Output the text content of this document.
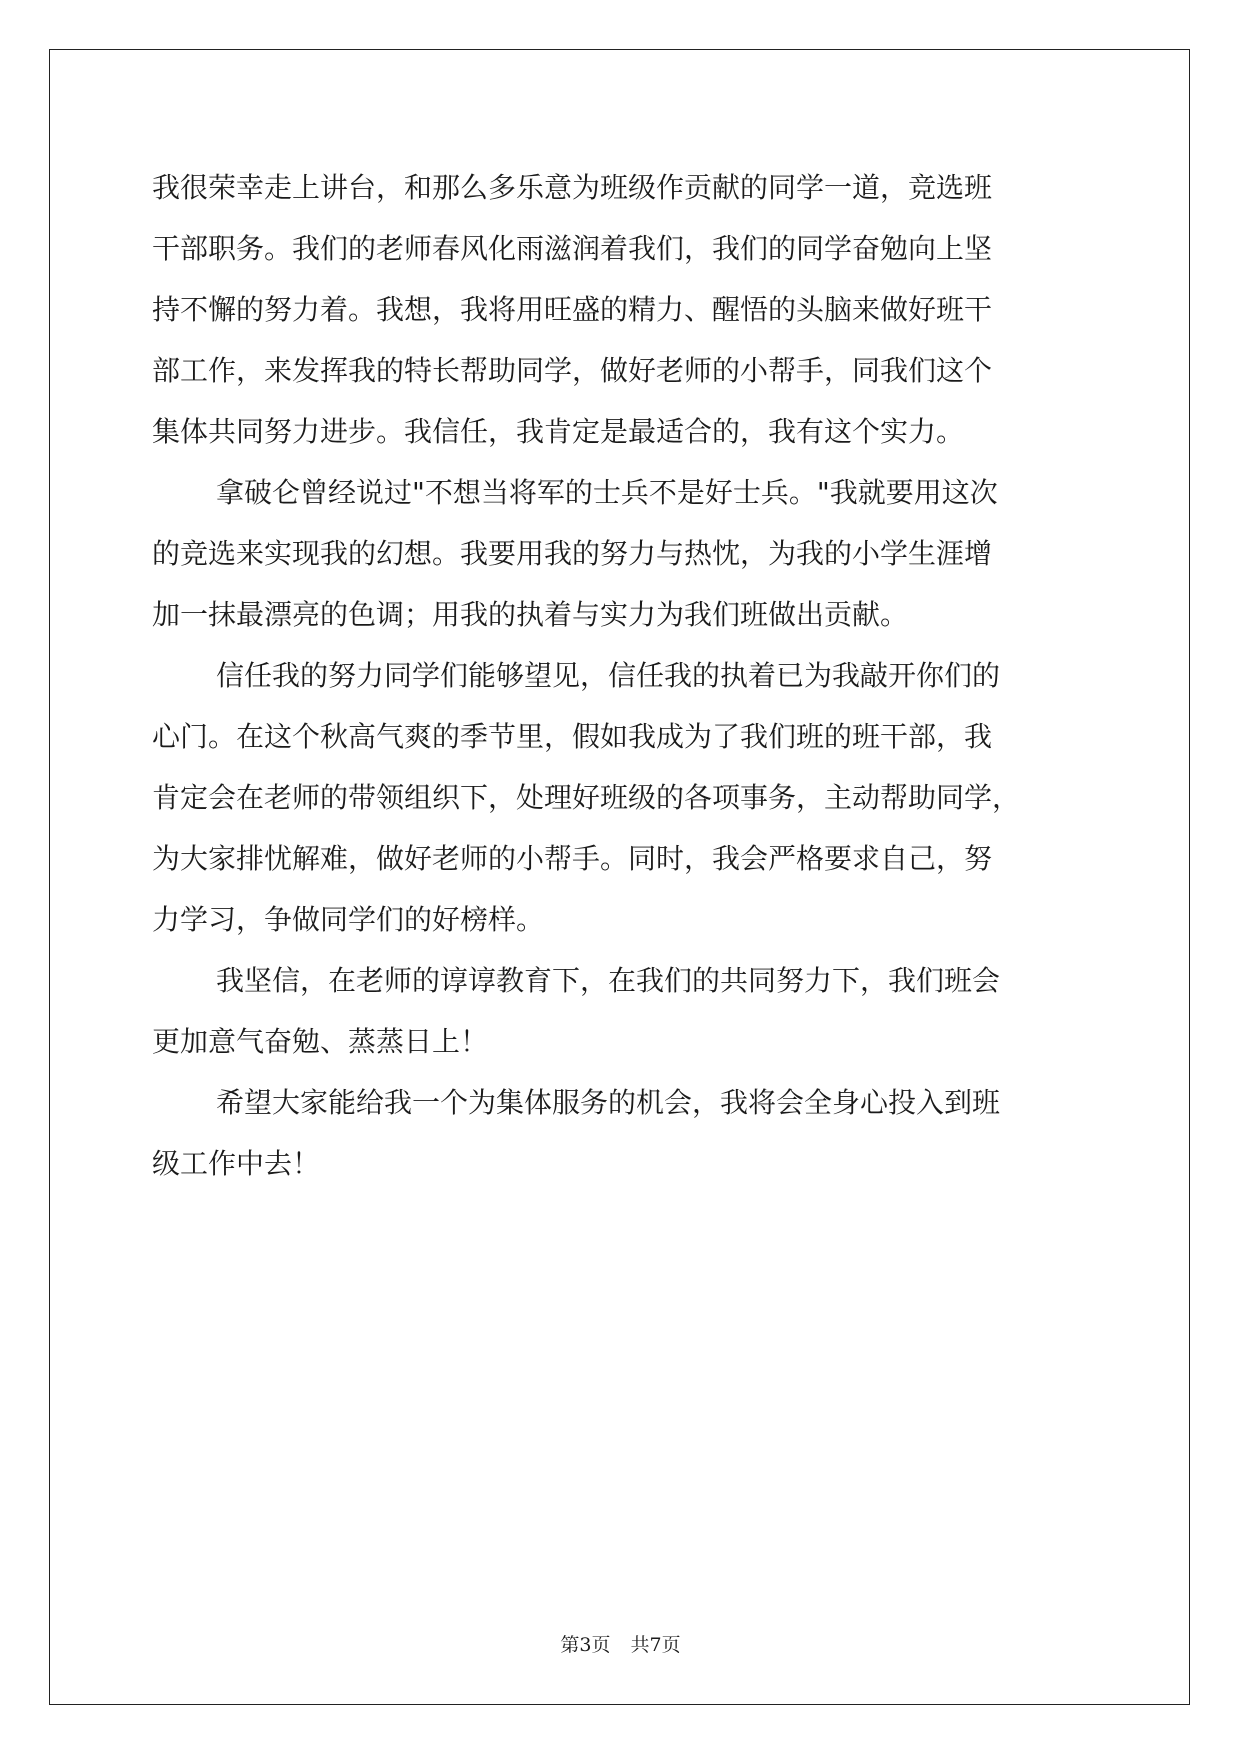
我很荣幸走上讲台，和那么多乐意为班级作贡献的同学一道，竞选班
干部职务。我们的老师春风化雨滋润着我们，我们的同学奋勉向上坚
持不懈的努力着。我想，我将用旺盛的精力、醒悟的头脑来做好班干
部工作，来发挥我的特长帮助同学，做好老师的小帮手，同我们这个
集体共同努力进步。我信任，我肯定是最适合的，我有这个实力。
拿破仑曾经说过"不想当将军的士兵不是好士兵。"我就要用这次
的竞选来实现我的幻想。我要用我的努力与热忱，为我的小学生涯增
加一抹最漂亮的色调；用我的执着与实力为我们班做出贡献。
信任我的努力同学们能够望见，信任我的执着已为我敲开你们的
心门。在这个秋高气爽的季节里，假如我成为了我们班的班干部，我
肯定会在老师的带领组织下，处理好班级的各项事务，主动帮助同学，
为大家排忧解难，做好老师的小帮手。同时，我会严格要求自己，努
力学习，争做同学们的好榜样。
我坚信，在老师的谆谆教育下，在我们的共同努力下，我们班会
更加意气奋勉、蒸蒸日上！
希望大家能给我一个为集体服务的机会，我将会全身心投入到班
级工作中去！
第3页 共7页
